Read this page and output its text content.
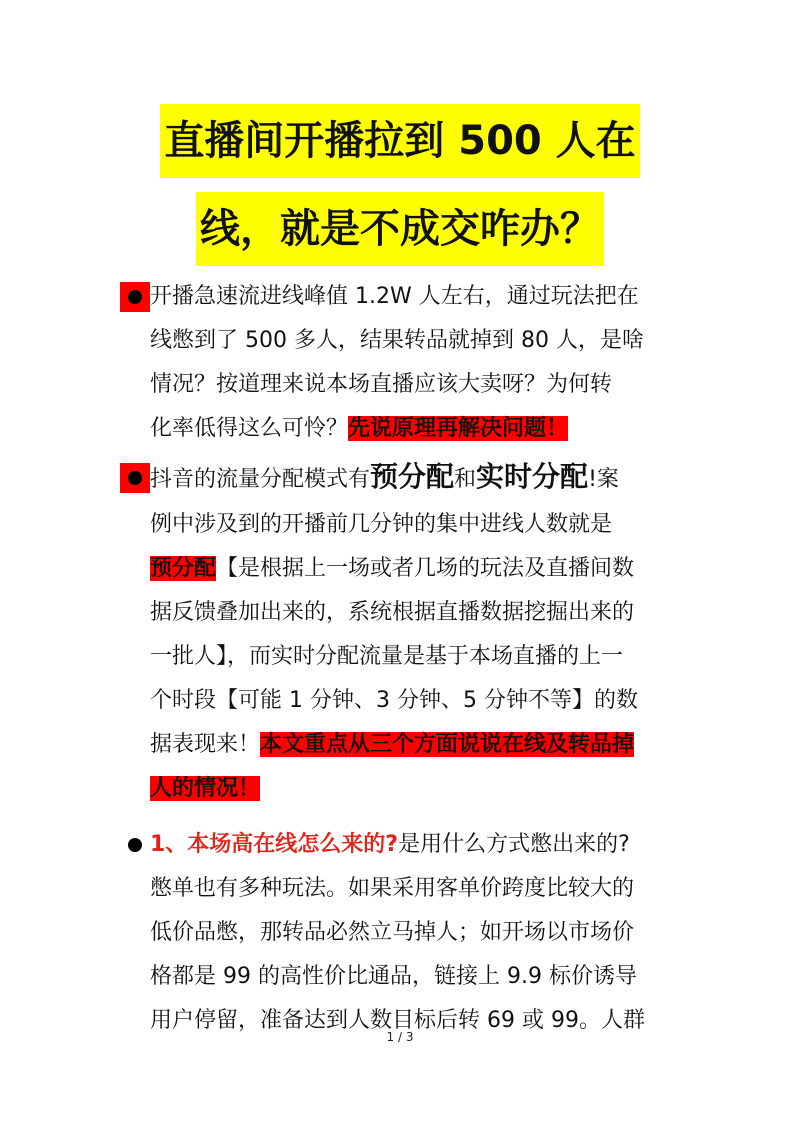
直播间开播拉到 500 人在
线，就是不成交咋办？
开播急速流进线峰值 1.2W 人左右，通过玩法把在
线憋到了 500 多人，结果转品就掉到 80 人，是啥
情况？按道理来说本场直播应该大卖呀？为何转
化率低得这么可怜？先说原理再解决问题！
抖音的流量分配模式有预分配和实时分配!案
例中涉及到的开播前几分钟的集中进线人数就是
预分配【是根据上一场或者几场的玩法及直播间数
据反馈叠加出来的，系统根据直播数据挖掘出来的
一批人】，而实时分配流量是基于本场直播的上一
个时段【可能 1 分钟、3 分钟、5 分钟不等】的数
据表现来！本文重点从三个方面说说在线及转品掉
人的情况！
1、本场高在线怎么来的?是用什么方式憋出来的?
憋单也有多种玩法。如果采用客单价跨度比较大的
低价品憋，那转品必然立马掉人；如开场以市场价
格都是 99 的高性价比通品，链接上 9.9 标价诱导
用户停留，准备达到人数目标后转 69 或 99。人群
1 / 3
